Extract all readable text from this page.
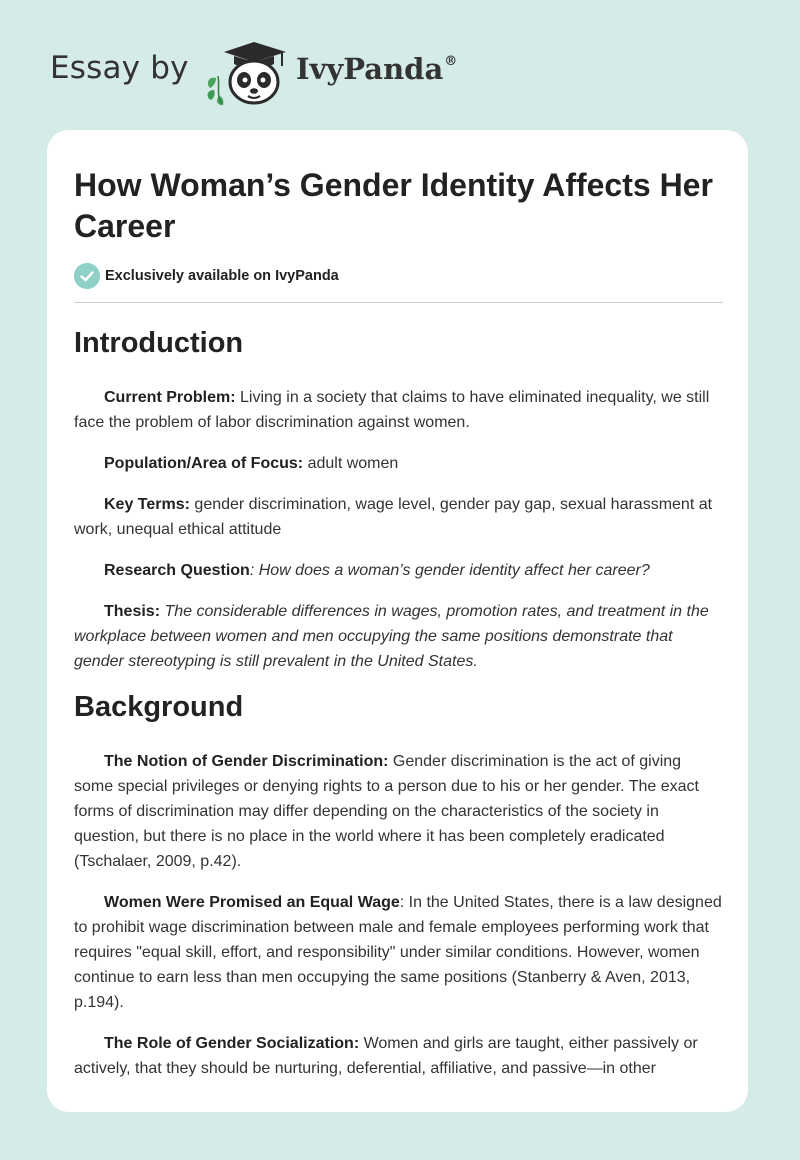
Essay by	IvyPanda®
How Woman’s Gender Identity Affects Her Career
Exclusively available on IvyPanda
Introduction

Current Problem: Living in a society that claims to have eliminated inequality, we still face the problem of labor discrimination against women.

Population/Area of Focus: adult women

Key Terms: gender discrimination, wage level, gender pay gap, sexual harassment at work, unequal ethical attitude

Research Question: How does a woman’s gender identity affect her career?

Thesis: The considerable differences in wages, promotion rates, and treatment in the workplace between women and men occupying the same positions demonstrate that gender stereotyping is still prevalent in the United States.

Background

The Notion of Gender Discrimination: Gender discrimination is the act of giving some special privileges or denying rights to a person due to his or her gender. The exact forms of discrimination may differ depending on the characteristics of the society in question, but there is no place in the world where it has been completely eradicated (Tschalaer, 2009, p.42).

Women Were Promised an Equal Wage: In the United States, there is a law designed to prohibit wage discrimination between male and female employees performing work that requires "equal skill, effort, and responsibility" under similar conditions. However, women continue to earn less than men occupying the same positions (Stanberry & Aven, 2013, p.194).

The Role of Gender Socialization: Women and girls are taught, either passively or actively, that they should be nurturing, deferential, affiliative, and passive—in other
